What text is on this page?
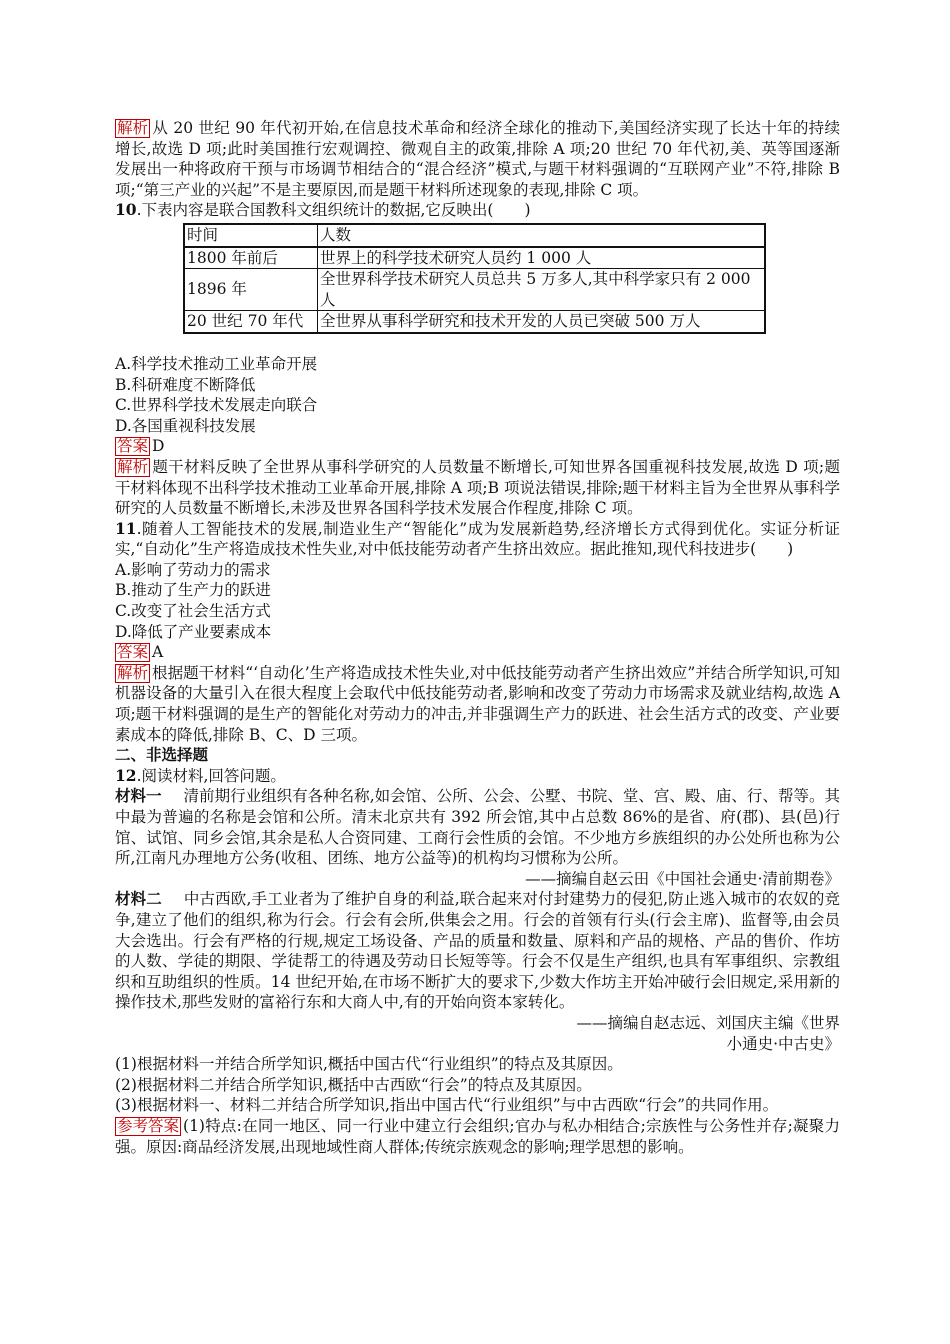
解析 从 20 世纪 90 年代初开始,在信息技术革命和经济全球化的推动下,美国经济实现了长达十年的持续增长,故选 D 项;此时美国推行宏观调控、微观自主的政策,排除 A 项;20 世纪 70 年代初,美、英等国逐渐发展出一种将政府干预与市场调节相结合的“混合经济”模式,与题干材料强调的“互联网产业”不符,排除 B 项;“第三产业的兴起”不是主要原因,而是题干材料所述现象的表现,排除 C 项。

10.下表内容是联合国教科文组织统计的数据,它反映出(　　)

时间	人数
1800 年前后	世界上的科学技术研究人员约 1 000 人
1896 年	全世界科学技术研究人员总共 5 万多人,其中科学家只有 2 000 人
20 世纪 70 年代	全世界从事科学研究和技术开发的人员已突破 500 万人

A.科学技术推动工业革命开展

B.科研难度不断降低

C.世界科学技术发展走向联合

D.各国重视科技发展

答案 D

解析 题干材料反映了全世界从事科学研究的人员数量不断增长,可知世界各国重视科技发展,故选 D 项;题干材料体现不出科学技术推动工业革命开展,排除 A 项;B 项说法错误,排除;题干材料主旨为全世界从事科学研究的人员数量不断增长,未涉及世界各国科学技术发展合作程度,排除 C 项。

11.随着人工智能技术的发展,制造业生产“智能化”成为发展新趋势,经济增长方式得到优化。实证分析证实,“自动化”生产将造成技术性失业,对中低技能劳动者产生挤出效应。据此推知,现代科技进步(　　)

A.影响了劳动力的需求

B.推动了生产力的跃进

C.改变了社会生活方式

D.降低了产业要素成本

答案 A

解析 根据题干材料“‘自动化’生产将造成技术性失业,对中低技能劳动者产生挤出效应”并结合所学知识,可知机器设备的大量引入在很大程度上会取代中低技能劳动者,影响和改变了劳动力市场需求及就业结构,故选 A 项;题干材料强调的是生产的智能化对劳动力的冲击,并非强调生产力的跃进、社会生活方式的改变、产业要素成本的降低,排除 B、C、D 三项。

二、非选择题

12.阅读材料,回答问题。

材料一 清前期行业组织有各种名称,如会馆、公所、公会、公墅、书院、堂、宫、殿、庙、行、帮等。其中最为普遍的名称是会馆和公所。清末北京共有 392 所会馆,其中占总数 86%的是省、府(郡)、县(邑)行馆、试馆、同乡会馆,其余是私人合资同建、工商行会性质的会馆。不少地方乡族组织的办公处所也称为公所,江南凡办理地方公务(收租、团练、地方公益等)的机构均习惯称为公所。

——摘编自赵云田《中国社会通史·清前期卷》

材料二 中古西欧,手工业者为了维护自身的利益,联合起来对付封建势力的侵犯,防止逃入城市的农奴的竞争,建立了他们的组织,称为行会。行会有会所,供集会之用。行会的首领有行头(行会主席)、监督等,由会员大会选出。行会有严格的行规,规定工场设备、产品的质量和数量、原料和产品的规格、产品的售价、作坊的人数、学徒的期限、学徒帮工的待遇及劳动日长短等等。行会不仅是生产组织,也具有军事组织、宗教组织和互助组织的性质。14 世纪开始,在市场不断扩大的要求下,少数大作坊主开始冲破行会旧规定,采用新的操作技术,那些发财的富裕行东和大商人中,有的开始向资本家转化。

——摘编自赵志远、刘国庆主编《世界

小通史·中古史》

(1)根据材料一并结合所学知识,概括中国古代“行业组织”的特点及其原因。

(2)根据材料二并结合所学知识,概括中古西欧“行会”的特点及其原因。

(3)根据材料一、材料二并结合所学知识,指出中国古代“行业组织”与中古西欧“行会”的共同作用。

参考答案 (1)特点:在同一地区、同一行业中建立行会组织;官办与私办相结合;宗族性与公务性并存;凝聚力强。原因:商品经济发展,出现地域性商人群体;传统宗族观念的影响;理学思想的影响。
